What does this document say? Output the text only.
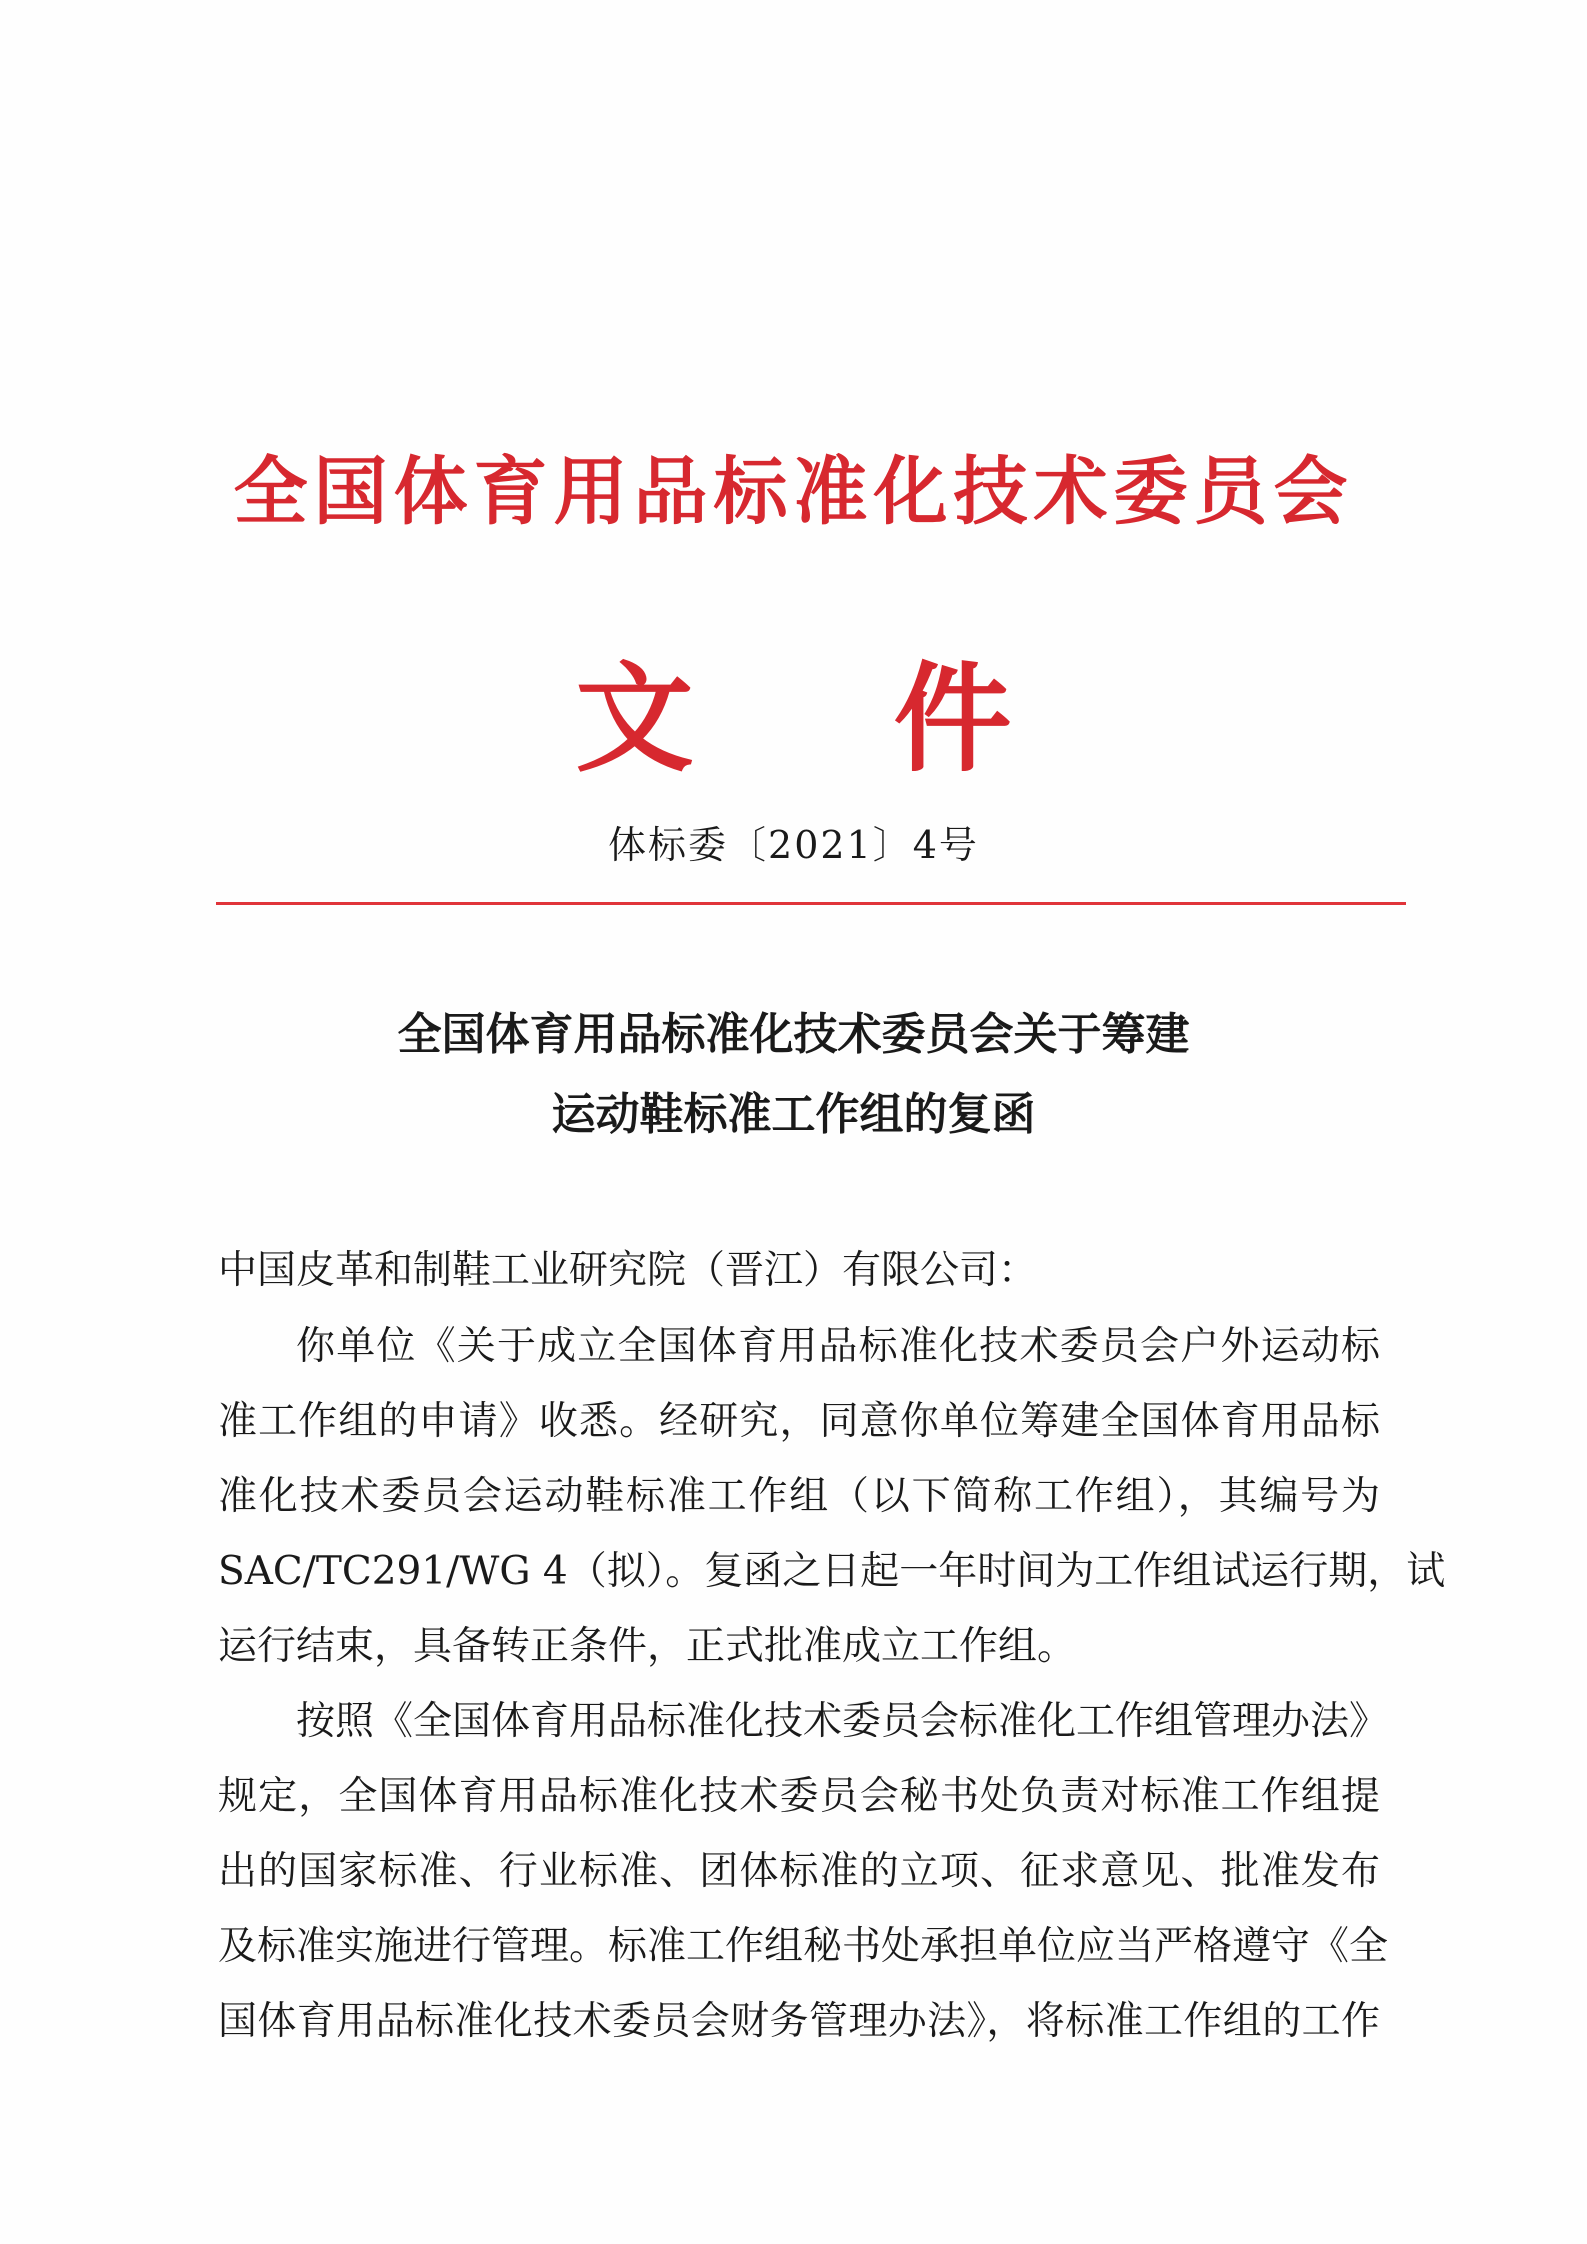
全国体育用品标准化技术委员会
文 件
体标委〔2021〕4号
全国体育用品标准化技术委员会关于筹建
运动鞋标准工作组的复函
中国皮革和制鞋工业研究院（晋江）有限公司：
你单位《关于成立全国体育用品标准化技术委员会户外运动标
准工作组的申请》收悉。经研究，同意你单位筹建全国体育用品标
准化技术委员会运动鞋标准工作组（以下简称工作组），其编号为
SAC/TC291/WG 4（拟）。复函之日起一年时间为工作组试运行期，试
运行结束，具备转正条件，正式批准成立工作组。
按照《全国体育用品标准化技术委员会标准化工作组管理办法》
规定，全国体育用品标准化技术委员会秘书处负责对标准工作组提
出的国家标准、行业标准、团体标准的立项、征求意见、批准发布
及标准实施进行管理。标准工作组秘书处承担单位应当严格遵守《全
国体育用品标准化技术委员会财务管理办法》，将标准工作组的工作
